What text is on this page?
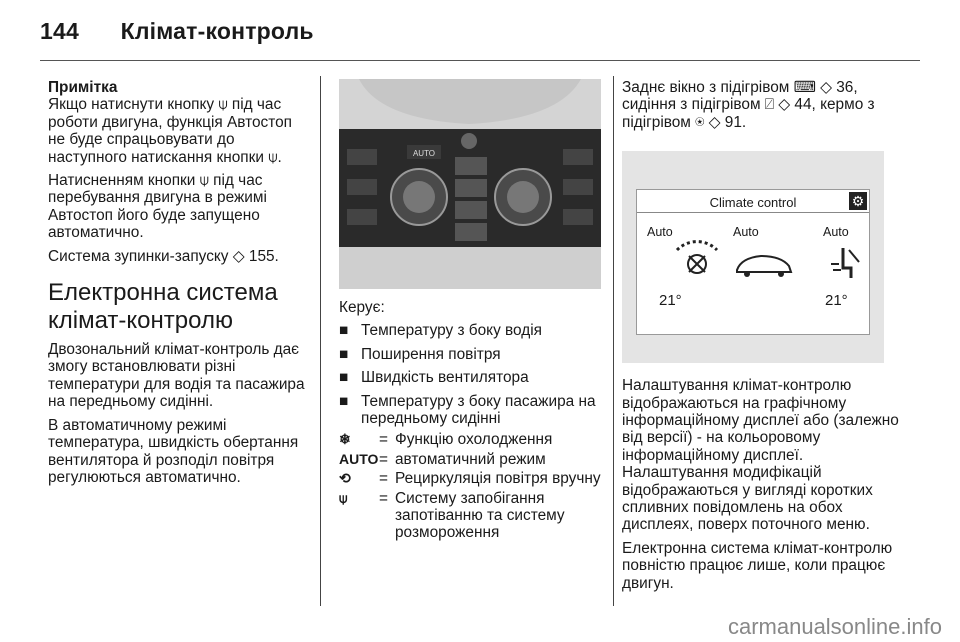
144 Клімат-контроль

Примітка

Якщо натиснути кнопку ⍦ під час роботи двигуна, функція Автостоп не буде спрацьовувати до наступного натискання кнопки ⍦.

Натисненням кнопки ⍦ під час перебування двигуна в режимі Автостоп його буде запущено автоматично.

Система зупинки-запуску ◇ 155.

Електронна система клімат-контролю

Двозональний клімат-контроль дає змогу встановлювати різні температури для водія та пасажира на передньому сидінні.

В автоматичному режимі температура, швидкість обертання вентилятора й розподіл повітря регулюються автоматично.

AUTO

Керує:

■ Температуру з боку водія
■ Поширення повітря
■ Швидкість вентилятора
■ Температуру з боку пасажира на передньому сидінні
❄	= Функцію охолодження
AUTO = автоматичний режим
⟲	= Рециркуляція повітря вручну
⍦	= Систему запобігання запотіванню та систему розмороження

Заднє вікно з підігрівом ⌨ ◇ 36, сидіння з підігрівом ⍁ ◇ 44, кермо з підігрівом ⍟ ◇ 91.

Climate control	⚙
Auto	Auto	Auto
21°	21°

Налаштування клімат-контролю відображаються на графічному інформаційному дисплеї або (залежно від версії) - на кольоровому інформаційному дисплеї. Налаштування модифікацій відображаються у вигляді коротких спливних повідомлень на обох дисплеях, поверх поточного меню.

Електронна система клімат-контролю повністю працює лише, коли працює двигун.

carmanualsonline.info
